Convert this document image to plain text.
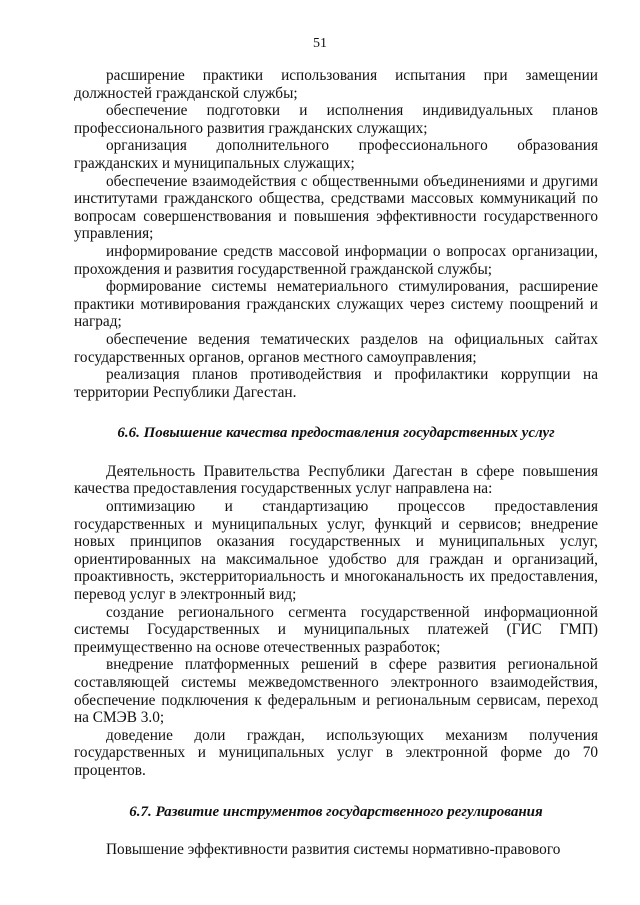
51

расширение практики использования испытания при замещении должностей гражданской службы;

обеспечение подготовки и исполнения индивидуальных планов профессионального развития гражданских служащих;

организация дополнительного профессионального образования гражданских и муниципальных служащих;

обеспечение взаимодействия с общественными объединениями и другими институтами гражданского общества, средствами массовых коммуникаций по вопросам совершенствования и повышения эффективности государственного управления;

информирование средств массовой информации о вопросах организации, прохождения и развития государственной гражданской службы;

формирование системы нематериального стимулирования, расширение практики мотивирования гражданских служащих через систему поощрений и наград;

обеспечение ведения тематических разделов на официальных сайтах государственных органов, органов местного самоуправления;

реализация планов противодействия и профилактики коррупции на территории Республики Дагестан.

6.6. Повышение качества предоставления государственных услуг

Деятельность Правительства Республики Дагестан в сфере повышения качества предоставления государственных услуг направлена на:

оптимизацию и стандартизацию процессов предоставления государственных и муниципальных услуг, функций и сервисов; внедрение новых принципов оказания государственных и муниципальных услуг, ориентированных на максимальное удобство для граждан и организаций, проактивность, экстерриториальность и многоканальность их предоставления, перевод услуг в электронный вид;

создание регионального сегмента государственной информационной системы Государственных и муниципальных платежей (ГИС ГМП) преимущественно на основе отечественных разработок;

внедрение платформенных решений в сфере развития региональной составляющей системы межведомственного электронного взаимодействия, обеспечение подключения к федеральным и региональным сервисам, переход на СМЭВ 3.0;

доведение доли граждан, использующих механизм получения государственных и муниципальных услуг в электронной форме до 70 процентов.

6.7. Развитие инструментов государственного регулирования

Повышение эффективности развития системы нормативно-правового
